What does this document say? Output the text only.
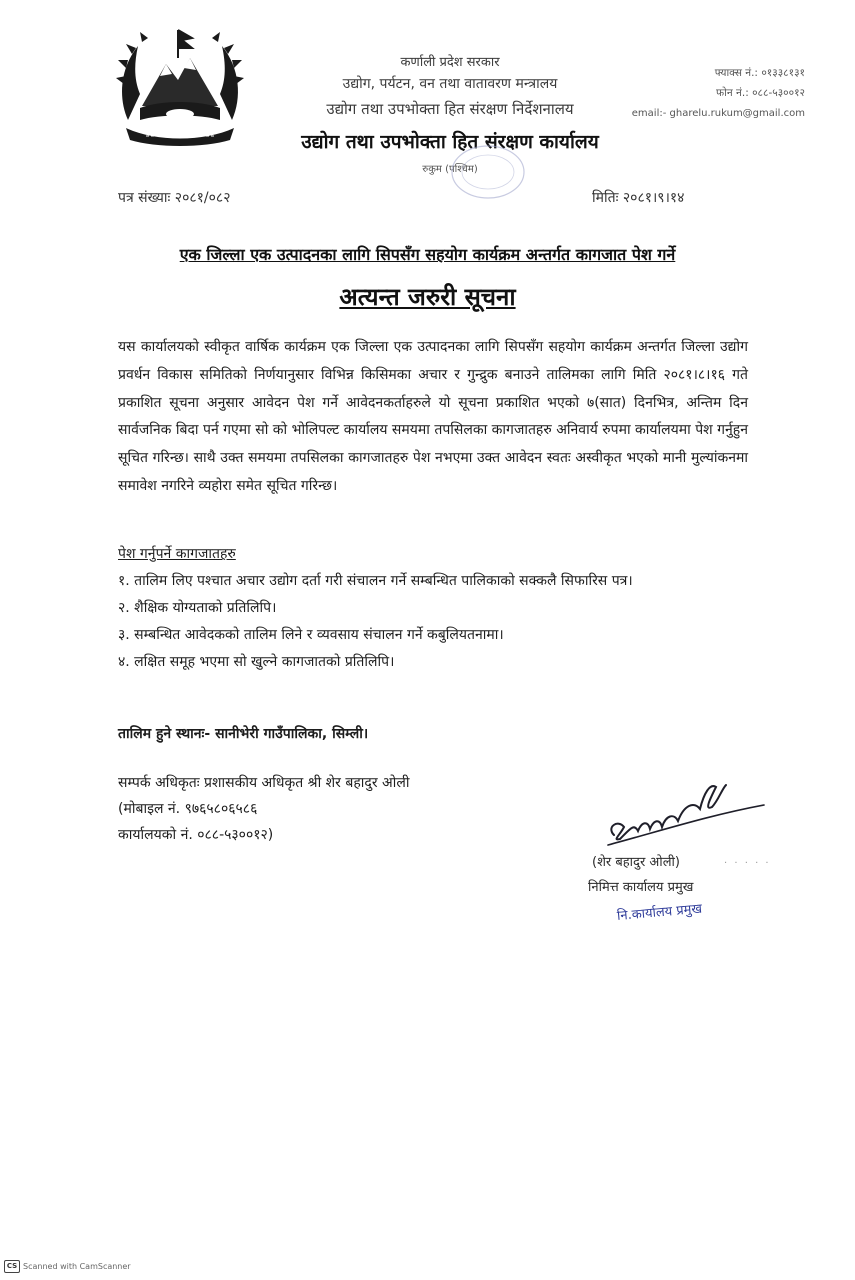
कर्णाली प्रदेश सरकार
उद्योग, पर्यटन, वन तथा वातावरण मन्त्रालय
उद्योग तथा उपभोक्ता हित संरक्षण निर्देशनालय
उद्योग तथा उपभोक्ता हित संरक्षण कार्यालय
रुकुम (पश्चिम)
फ्याक्स नं.: ०१३३८१३१
फोन नं.: ०८८-५३००१२
email:- gharelu.rukum@gmail.com
पत्र संख्याः २०८१/०८२	मितिः २०८१।९।१४
एक जिल्ला एक उत्पादनका लागि सिपसँग सहयोग कार्यक्रम अन्तर्गत कागजात पेश गर्ने
अत्यन्त जरुरी सूचना

यस कार्यालयको स्वीकृत वार्षिक कार्यक्रम एक जिल्ला एक उत्पादनका लागि सिपसँग सहयोग कार्यक्रम अन्तर्गत जिल्ला उद्योग प्रवर्धन विकास समितिको निर्णयानुसार विभिन्न किसिमका अचार र गुन्द्रुक बनाउने तालिमका लागि मिति २०८१।८।१६ गते प्रकाशित सूचना अनुसार आवेदन पेश गर्ने आवेदनकर्ताहरुले यो सूचना प्रकाशित भएको ७(सात) दिनभित्र, अन्तिम दिन सार्वजनिक बिदा पर्न गएमा सो को भोलिपल्ट कार्यालय समयमा तपसिलका कागजातहरु अनिवार्य रुपमा कार्यालयमा पेश गर्नुहुन सूचित गरिन्छ। साथै उक्त समयमा तपसिलका कागजातहरु पेश नभएमा उक्त आवेदन स्वतः अस्वीकृत भएको मानी मुल्यांकनमा समावेश नगरिने व्यहोरा समेत सूचित गरिन्छ।

पेश गर्नुपर्ने कागजातहरु
१. तालिम लिए पश्चात अचार उद्योग दर्ता गरी संचालन गर्ने सम्बन्धित पालिकाको सक्कलै सिफारिस पत्र।
२. शैक्षिक योग्यताको प्रतिलिपि।
३. सम्बन्धित आवेदकको तालिम लिने र व्यवसाय संचालन गर्ने कबुलियतनामा।
४. लक्षित समूह भएमा सो खुल्ने कागजातको प्रतिलिपि।
तालिम हुने स्थानः- सानीभेरी गाउँपालिका, सिम्ली।
सम्पर्क अधिकृतः प्रशासकीय अधिकृत श्री शेर बहादुर ओली
(मोबाइल नं. ९७६५८०६५८६
कार्यालयको नं. ०८८-५३००१२)
· · · · ·
(शेर बहादुर ओली)
निमित्त कार्यालय प्रमुख
नि.कार्यालय प्रमुख
CS Scanned with CamScanner
